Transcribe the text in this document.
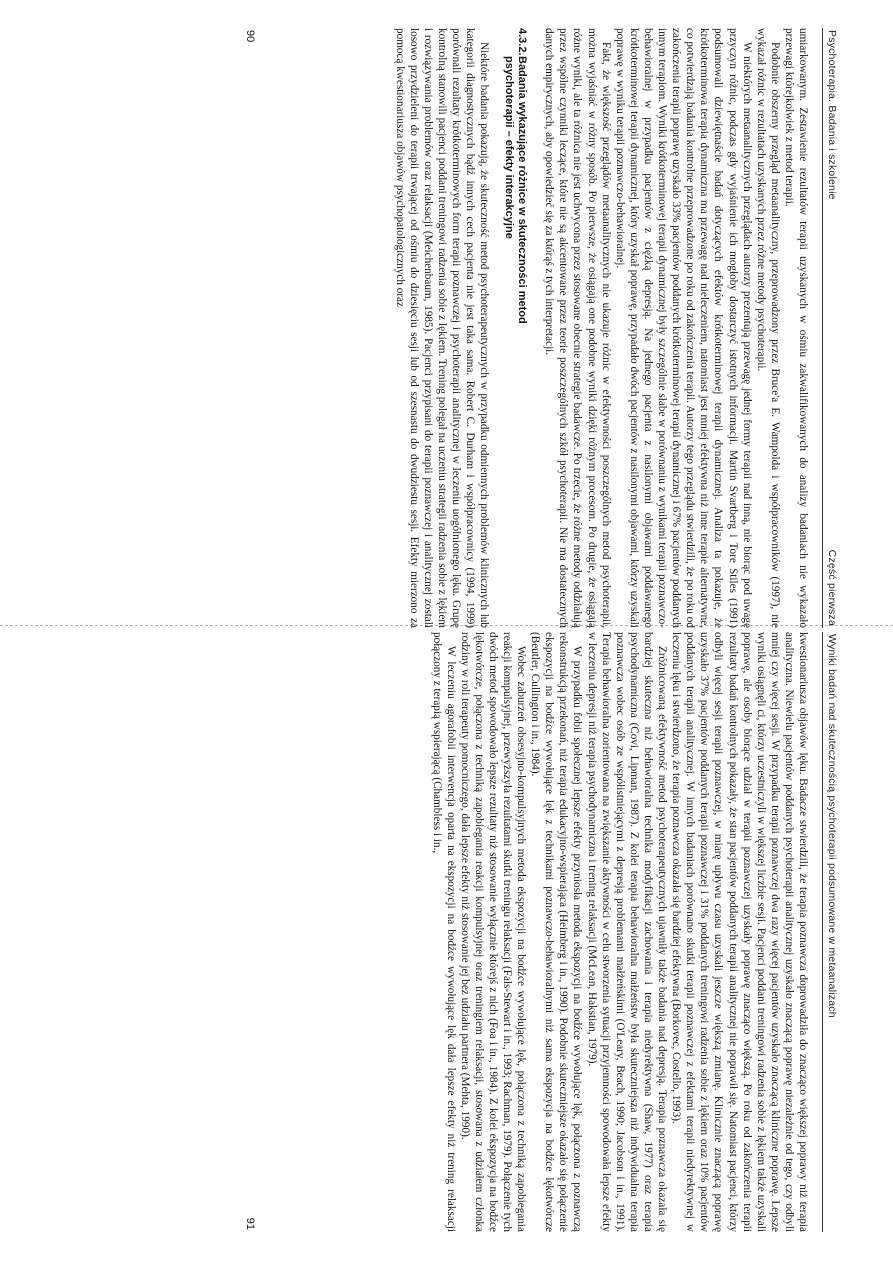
Psychoterapia. Badania i szkolenie
Część pierwsza

umiarkowanym. Zestawienie rezultatów terapii uzyskanych w ośmiu zakwalifikowanych do analizy badaniach nie wykazało przewagi którejkolwiek z metod terapii.

Podobnie obszerny przegląd metaanalityczny, przeprowadzony przez Bruce'a E. Wampolda i współpracowników (1997), nie wykazał różnic w rezultatach uzyskanych przez różne metody psychoterapii.

W niektórych metaanalitycznych przeglądach autorzy prezentują przewagę jednej formy terapii nad inną, nie biorąc pod uwagę przyczyn różnic, podczas gdy wyjaśnienie ich mogłoby dostarczyć istotnych informacji. Martin Svartberg i Tore Stiles (1991) podsumowali dziewiętnaście badań dotyczących efektów krótkoterminowej terapii dynamicznej. Analiza ta pokazuje, że krótkoterminowa terapia dynamiczna ma przewagę nad nieleczeniem, natomiast jest mniej efektywna niż inne terapie alternatywne, co potwierdzają badania kontrolne przeprowadzone po roku od zakończenia terapii. Autorzy tego przeglądu stwierdzili, że po roku od zakończenia terapii poprawę uzyskało 33% pacjentów poddanych krótkoterminowej terapii dynamicznej i 67% pacjentów poddanych innym terapiom. Wyniki krótkoterminowej terapii dynamicznej były szczególnie słabe w porównaniu z wynikami terapii poznawczo-behawioralnej w przypadku pacjentów z ciężką depresją. Na jednego pacjenta z nasilonymi objawami poddawanego krótkoterminowej terapii dynamicznej, który uzyskał poprawę, przypadało dwóch pacjentów z nasilonymi objawami, którzy uzyskali poprawę w wyniku terapii poznawczo-behawioralnej.

Fakt, że większość przeglądów metaanalitycznych nie ukazuje różnic w efektywności poszczególnych metod psychoterapii, można wyjaśniać w różny sposób. Po pierwsze, że osiągają one podobne wyniki dzięki różnym procesom. Po drugie, że osiągają różne wyniki, ale ta różnica nie jest uchwycona przez stosowane obecnie strategie badawcze. Po trzecie, że różne metody oddziałują przez wspólne czynniki leczące, które nie są akcentowane przez teorie poszczególnych szkół psychoterapii. Nie ma dostatecznych danych empirycznych, aby opowiedzieć się za którąś z tych interpretacji.

4.3.2.Badania wykazujące różnice w skuteczności metod
psychoterapii – efekty interakcyjne

Niektóre badania pokazują, że skuteczność metod psychoterapeutycznych w przypadku odmiennych problemów klinicznych lub kategorii diagnostycznych bądź innych cech pacjenta nie jest taka sama. Robert C. Durham i współpracownicy (1994, 1999) porównali rezultaty krótkoterminowych form terapii poznawczej i psychoterapii analitycznej w leczeniu uogólnionego lęku. Grupę kontrolną stanowili pacjenci poddani treningowi radzenia sobie z lękiem. Trening polegał na uczeniu strategii radzenia sobie z lękiem i rozwiązywania problemów oraz relaksacji (Meichenbaum, 1985). Pacjenci przypisani do terapii poznawczej i analitycznej zostali losowo przydzieleni do terapii trwającej od ośmiu do dziesięciu sesji lub od szesnastu do dwudziestu sesji. Efekty mierzono za pomocą kwestionariusza objawów psychopatologicznych oraz

90
Wyniki badań nad skutecznością psychoterapii podsumowane w metaanalizach

kwestionariusza objawów lęku. Badacze stwierdzili, że terapia poznawcza doprowadziła do znacząco większej poprawy niż terapia analityczna. Niewielu pacjentów poddanych psychoterapii analitycznej uzyskało znaczącą poprawę niezależnie od tego, czy odbyli mniej czy więcej sesji. W przypadku terapii poznawczej dwa razy więcej pacjentów uzyskało znaczącą kliniczne poprawę. Lepsze wyniki osiągnęli ci, którzy uczestniczyli w większej liczbie sesji. Pacjenci poddani treningowi radzenia sobie z lękiem także uzyskali poprawę, ale osoby biorące udział w terapii poznawczej uzyskały poprawę znacząco większą. Po roku od zakończenia terapii rezultaty badań kontrolnych pokazały, że stan pacjentów poddanych terapii analitycznej nie poprawił się. Natomiast pacjenci, którzy odbyli więcej sesji terapii poznawczej, w miarę upływu czasu uzyskali jeszcze większą zmianę. Klinicznie znaczącą poprawę uzyskało 37% pacjentów poddanych terapii poznawczej i 31% poddanych treningowi radzenia sobie z lękiem oraz 10% pacjentów poddanych terapii analitycznej. W innych badaniach porównano skutki terapii poznawczej z efektami terapii niedyrektywnej w leczeniu lęku i stwierdzono, że terapia poznawcza okazała się bardziej efektywna (Borkovec, Costello, 1993).

Zróżnicowaną efektywność metod psychoterapeutycznych ujawniły także badania nad depresją. Terapia poznawcza okazała się bardziej skuteczna niż behawioralna technika modyfikacji zachowania i terapia niedyrektywna (Shaw, 1977) oraz terapia psychodynamiczna (Covi, Lipman, 1987). Z kolei terapia behawioralna małżeństw była skuteczniejsza niż indywidualna terapia poznawcza wobec osób ze współistniejącymi z depresją problemami małżeńskimi (O'Leary, Beach, 1990; Jacobson i in., 1991). Terapia behawioralna zorientowana na zwiększanie aktywności w celu stworzenia sytuacji przyjemności spowodowała lepsze efekty w leczeniu depresji niż terapia psychodynamiczna i trening relaksacji (McLean, Hakstian, 1979).

W przypadku fobii społecznej lepsze efekty przyniosła metoda ekspozycji na bodźce wywołujące lęk, połączona z poznawczą rekonstrukcją przekonań, niż terapia edukacyjno-wspierająca (Heimberg i in., 1990). Podobnie skuteczniejsze okazało się połączenie ekspozycji na bodźce wywołujące lęk z technikami poznawczo-behawioralnymi niż sama ekspozycja na bodźce lękotwórcze (Beutler, Cullington i in., 1984).

Wobec zaburzeń obsesyjno-kompulsyjnych metoda ekspozycji na bodźce wywołujące lęk, połączona z techniką zapobiegania reakcji kompulsyjnej, przewyższyła rezultatami skutki treningu relaksacji (Fals-Stewart i in., 1993; Rachman, 1979). Połączenie tych dwóch metod spowodowało lepsze rezultaty niż stosowanie wyłącznie którejś z nich (Foa i in., 1984). Z kolei ekspozycja na bodźce lękotwórcze, połączona z techniką zapobiegania reakcji kompulsyjnej oraz treningiem relaksacji, stosowana z udziałem członka rodziny w roli terapeuty pomocniczego, dała lepsze efekty niż stosowanie jej bez udziału partnera (Mehta, 1990).

W leczeniu agorafobii interwencja oparta na ekspozycji na bodźce wywołujące lęk dała lepsze efekty niż trening relaksacji połączony z terapią wspierającą (Chambless i in.,

91
